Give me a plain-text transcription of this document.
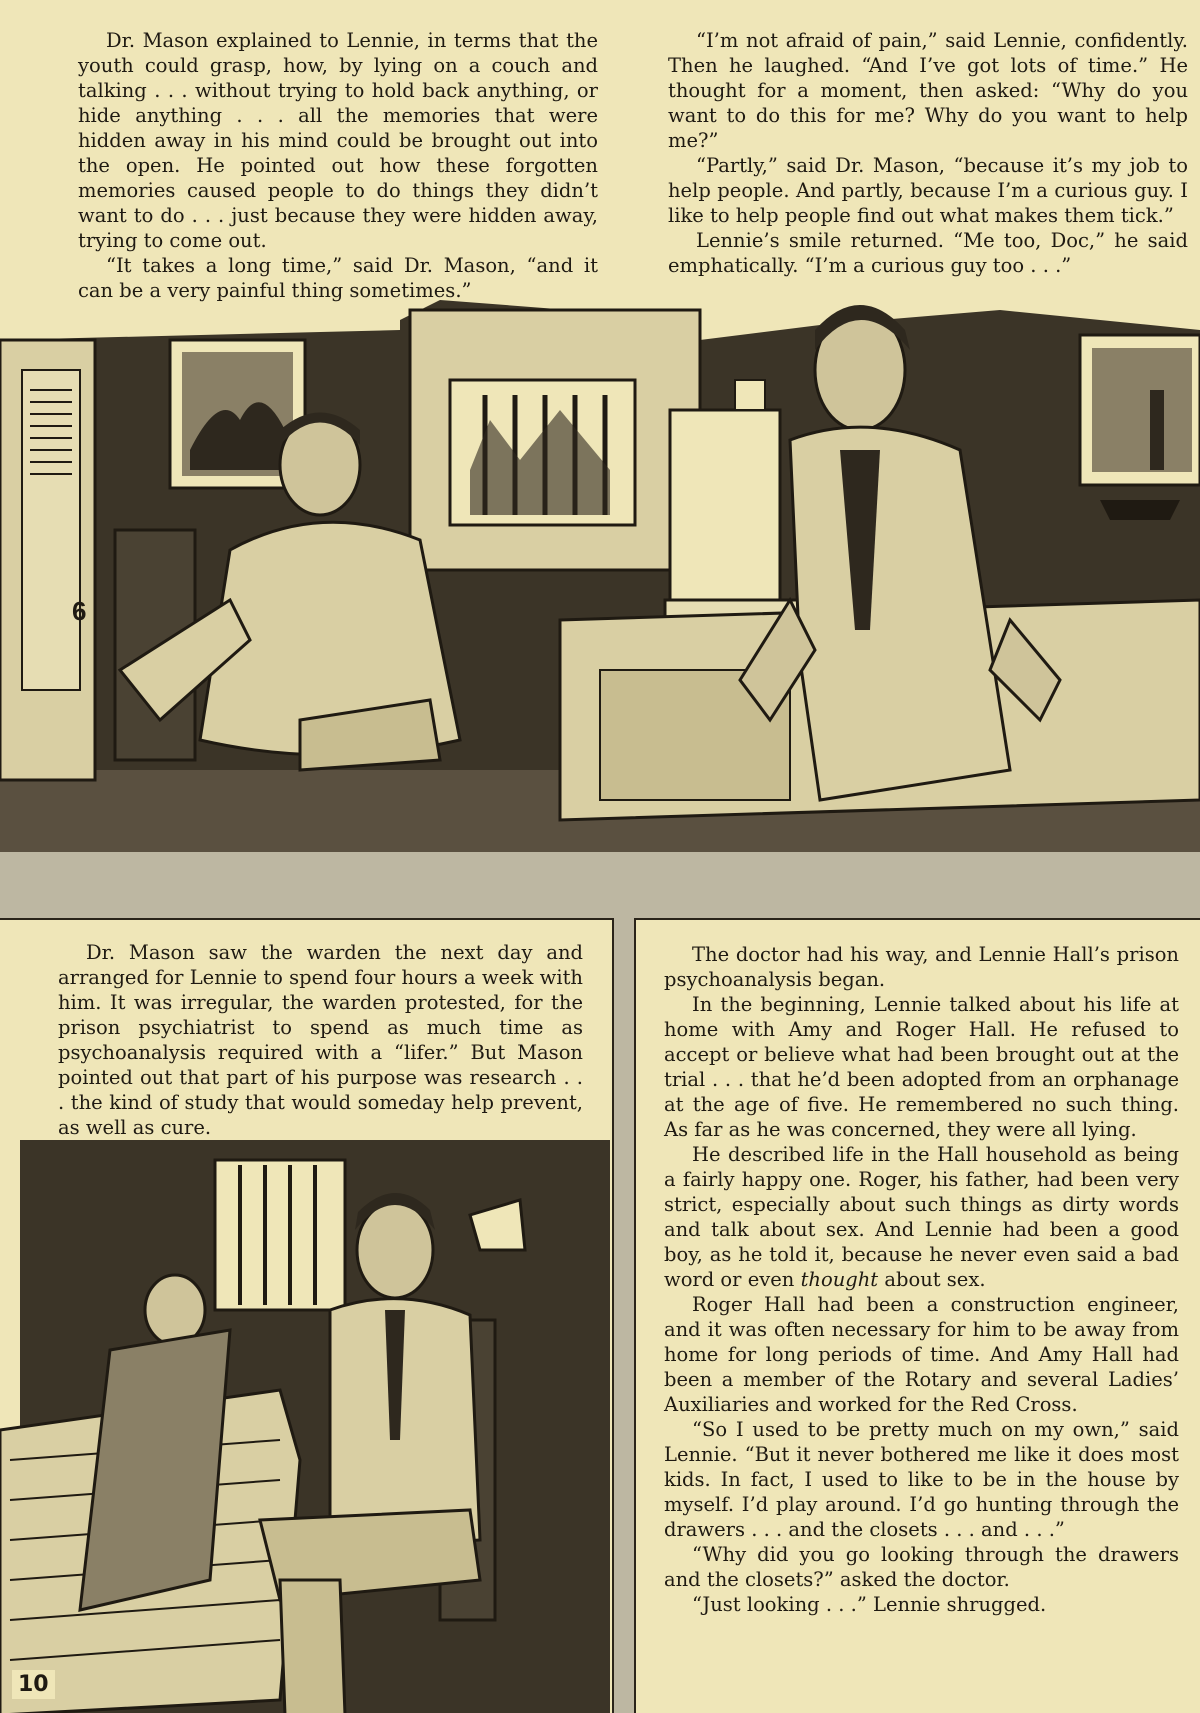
Dr. Mason explained to Lennie, in terms that the youth could grasp, how, by lying on a couch and talking . . . without trying to hold back anything, or hide anything . . . all the memories that were hidden away in his mind could be brought out into the open. He pointed out how these forgotten memories caused people to do things they didn’t want to do . . . just because they were hidden away, trying to come out.

“It takes a long time,” said Dr. Mason, “and it can be a very painful thing sometimes.”

“I’m not afraid of pain,” said Lennie, confidently. Then he laughed. “And I’ve got lots of time.” He thought for a moment, then asked: “Why do you want to do this for me? Why do you want to help me?”

“Partly,” said Dr. Mason, “because it’s my job to help people. And partly, because I’m a curious guy. I like to help people find out what makes them tick.”

Lennie’s smile returned. “Me too, Doc,” he said emphatically. “I’m a curious guy too . . .”

6

Dr. Mason saw the warden the next day and arranged for Lennie to spend four hours a week with him. It was irregular, the warden protested, for the prison psychiatrist to spend as much time as psychoanalysis required with a “lifer.” But Mason pointed out that part of his purpose was research . . . the kind of study that would someday help prevent, as well as cure.

10

The doctor had his way, and Lennie Hall’s prison psychoanalysis began.

In the beginning, Lennie talked about his life at home with Amy and Roger Hall. He refused to accept or believe what had been brought out at the trial . . . that he’d been adopted from an orphanage at the age of five. He remembered no such thing. As far as he was concerned, they were all lying.

He described life in the Hall household as being a fairly happy one. Roger, his father, had been very strict, especially about such things as dirty words and talk about sex. And Lennie had been a good boy, as he told it, because he never even said a bad word or even thought about sex.

Roger Hall had been a construction engineer, and it was often necessary for him to be away from home for long periods of time. And Amy Hall had been a member of the Rotary and several Ladies’ Auxiliaries and worked for the Red Cross.

“So I used to be pretty much on my own,” said Lennie. “But it never bothered me like it does most kids. In fact, I used to like to be in the house by myself. I’d play around. I’d go hunting through the drawers . . . and the closets . . . and . . .”

“Why did you go looking through the drawers and the closets?” asked the doctor.

“Just looking . . .” Lennie shrugged.
